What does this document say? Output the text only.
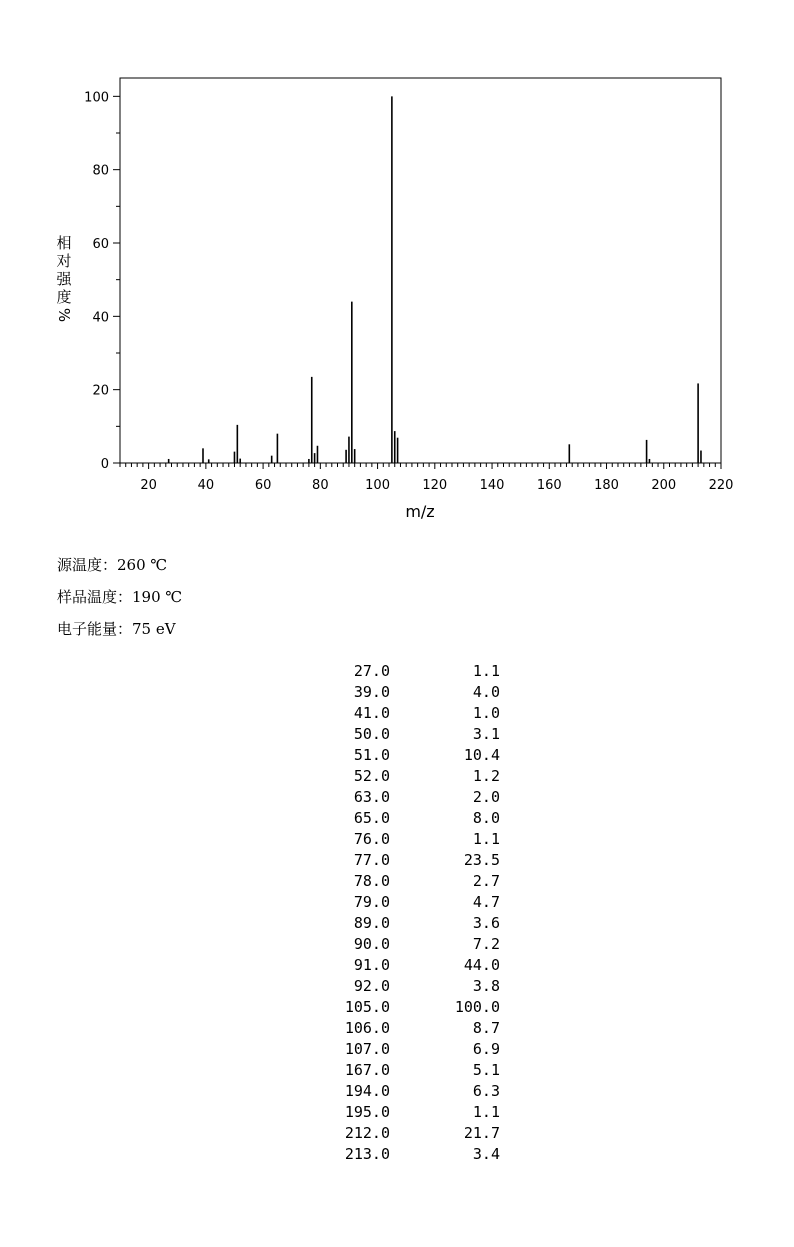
0
20
40
60
80
100
20	40	60	80	100 120 140 160 180 200 220
m/z
相
对
强
度
%
源温度：260 ℃
样品温度：190 ℃
电子能量：75 eV
27.0	1.1
39.0	4.0
41.0	1.0
50.0	3.1
51.0	10.4
52.0	1.2
63.0	2.0
65.0	8.0
76.0	1.1
77.0	23.5
78.0	2.7
79.0	4.7
89.0	3.6
90.0	7.2
91.0	44.0
92.0	3.8
105.0	100.0
106.0	8.7
107.0	6.9
167.0	5.1
194.0	6.3
195.0	1.1
212.0	21.7
213.0	3.4
